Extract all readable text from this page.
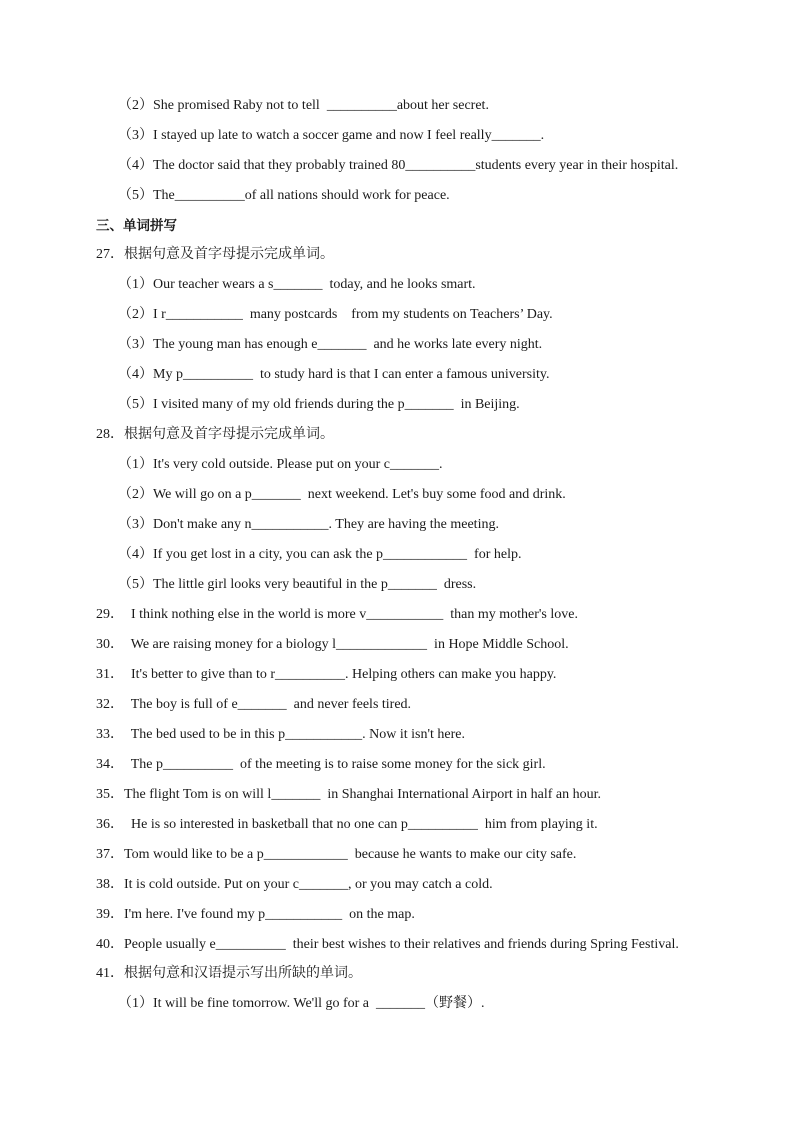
（2）She promised Raby not to tell  __________about her secret.
（3）I stayed up late to watch a soccer game and now I feel really_______.
（4）The doctor said that they probably trained 80__________students every year in their hospital.
（5）The__________of all nations should work for peace.
三、单词拼写
27．根据句意及首字母提示完成单词。
（1）Our teacher wears a s_______  today, and he looks smart.
（2）I r___________  many postcards    from my students on Teachers’ Day.
（3）The young man has enough e_______  and he works late every night.
（4）My p__________  to study hard is that I can enter a famous university.
（5）I visited many of my old friends during the p_______  in Beijing.
28．根据句意及首字母提示完成单词。
（1）It's very cold outside. Please put on your c_______.
（2）We will go on a p_______  next weekend. Let's buy some food and drink.
（3）Don't make any n___________. They are having the meeting.
（4）If you get lost in a city, you can ask the p____________  for help.
（5）The little girl looks very beautiful in the p_______  dress.
29．  I think nothing else in the world is more v___________  than my mother's love.
30．  We are raising money for a biology l_____________  in Hope Middle School.
31．  It's better to give than to r__________. Helping others can make you happy.
32．  The boy is full of e_______  and never feels tired.
33．  The bed used to be in this p___________. Now it isn't here.
34．  The p__________  of the meeting is to raise some money for the sick girl.
35．The flight Tom is on will l_______  in Shanghai International Airport in half an hour.
36．  He is so interested in basketball that no one can p__________  him from playing it.
37．Tom would like to be a p____________  because he wants to make our city safe.
38．It is cold outside. Put on your c_______, or you may catch a cold.
39．I'm here. I've found my p___________  on the map.
40．People usually e__________  their best wishes to their relatives and friends during Spring Festival.
41．根据句意和汉语提示写出所缺的单词。
（1）It will be fine tomorrow. We'll go for a  _______（野餐）.
